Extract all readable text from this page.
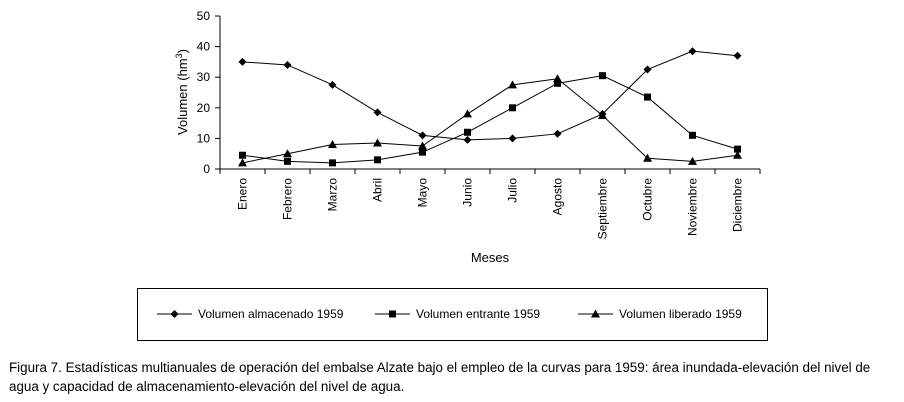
0
10
20
30
40
50
Enero	Febrero	Marzo	Abril	Mayo	Junio	Julio	Agosto	Septiembre	Octubre	Noviembre	Diciembre
Volumen $(hm^3)$
Meses
Volumen almacenado 1959	Volumen entrante 1959	Volumen liberado 1959

Figura 7. Estadísticas multianuales de operación del embalse Alzate bajo el empleo de la curvas para 1959: área inundada-elevación del nivel de agua y capacidad de almacenamiento-elevación del nivel de agua.
